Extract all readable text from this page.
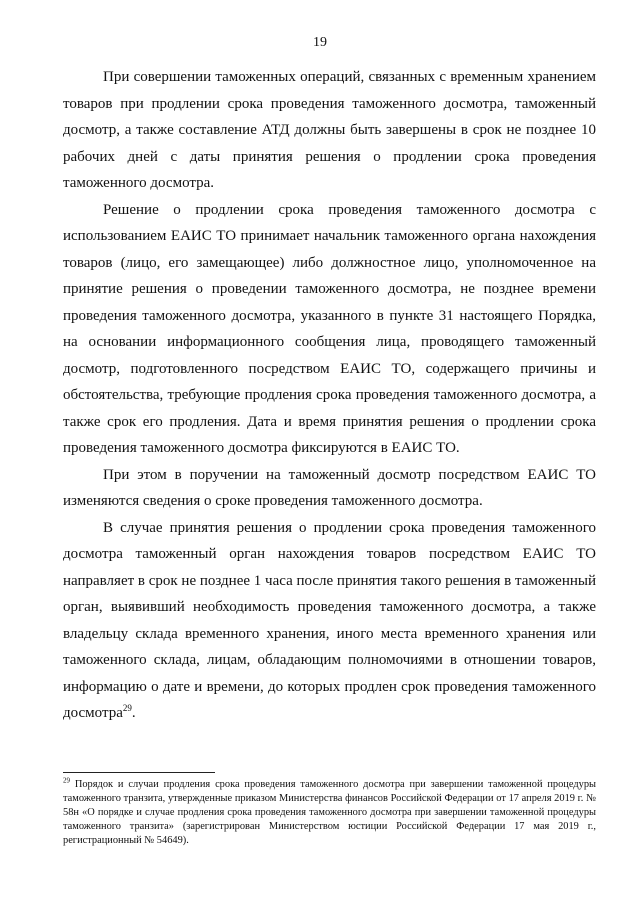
19

При совершении таможенных операций, связанных с временным хранением товаров при продлении срока проведения таможенного досмотра, таможенный досмотр, а также составление АТД должны быть завершены в срок не позднее 10 рабочих дней с даты принятия решения о продлении срока проведения таможенного досмотра.

Решение о продлении срока проведения таможенного досмотра с использованием ЕАИС ТО принимает начальник таможенного органа нахождения товаров (лицо, его замещающее) либо должностное лицо, уполномоченное на принятие решения о проведении таможенного досмотра, не позднее времени проведения таможенного досмотра, указанного в пункте 31 настоящего Порядка, на основании информационного сообщения лица, проводящего таможенный досмотр, подготовленного посредством ЕАИС ТО, содержащего причины и обстоятельства, требующие продления срока проведения таможенного досмотра, а также срок его продления. Дата и время принятия решения о продлении срока проведения таможенного досмотра фиксируются в ЕАИС ТО.

При этом в поручении на таможенный досмотр посредством ЕАИС ТО изменяются сведения о сроке проведения таможенного досмотра.

В случае принятия решения о продлении срока проведения таможенного досмотра таможенный орган нахождения товаров посредством ЕАИС ТО направляет в срок не позднее 1 часа после принятия такого решения в таможенный орган, выявивший необходимость проведения таможенного досмотра, а также владельцу склада временного хранения, иного места временного хранения или таможенного склада, лицам, обладающим полномочиями в отношении товаров, информацию о дате и времени, до которых продлен срок проведения таможенного досмотра$^{29}$.

$^{29}$ Порядок и случаи продления срока проведения таможенного досмотра при завершении таможенной процедуры таможенного транзита, утвержденные приказом Министерства финансов Российской Федерации от 17 апреля 2019 г. № 58н «О порядке и случае продления срока проведения таможенного досмотра при завершении таможенной процедуры таможенного транзита» (зарегистрирован Министерством юстиции Российской Федерации 17 мая 2019 г., регистрационный № 54649).
